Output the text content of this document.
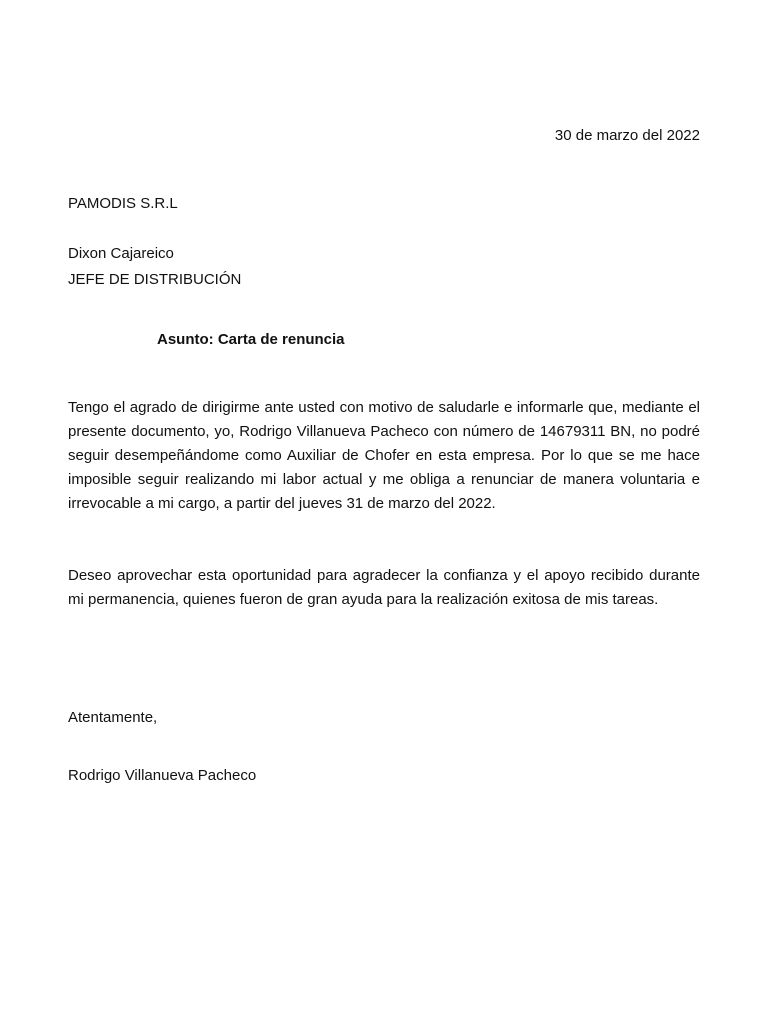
30 de marzo del 2022

PAMODIS S.R.L

Dixon Cajareico

JEFE DE DISTRIBUCIÓN

Asunto: Carta de renuncia

Tengo el agrado de dirigirme ante usted con motivo de saludarle e informarle que, mediante el presente documento, yo, Rodrigo Villanueva Pacheco con número de 14679311 BN, no podré seguir desempeñándome como Auxiliar de Chofer en esta empresa. Por lo que se me hace imposible seguir realizando mi labor actual y me obliga a renunciar de manera voluntaria e irrevocable a mi cargo, a partir del jueves 31 de marzo del 2022.

Deseo aprovechar esta oportunidad para agradecer la confianza y el apoyo recibido durante mi permanencia, quienes fueron de gran ayuda para la realización exitosa de mis tareas.

Atentamente,

Rodrigo Villanueva Pacheco
